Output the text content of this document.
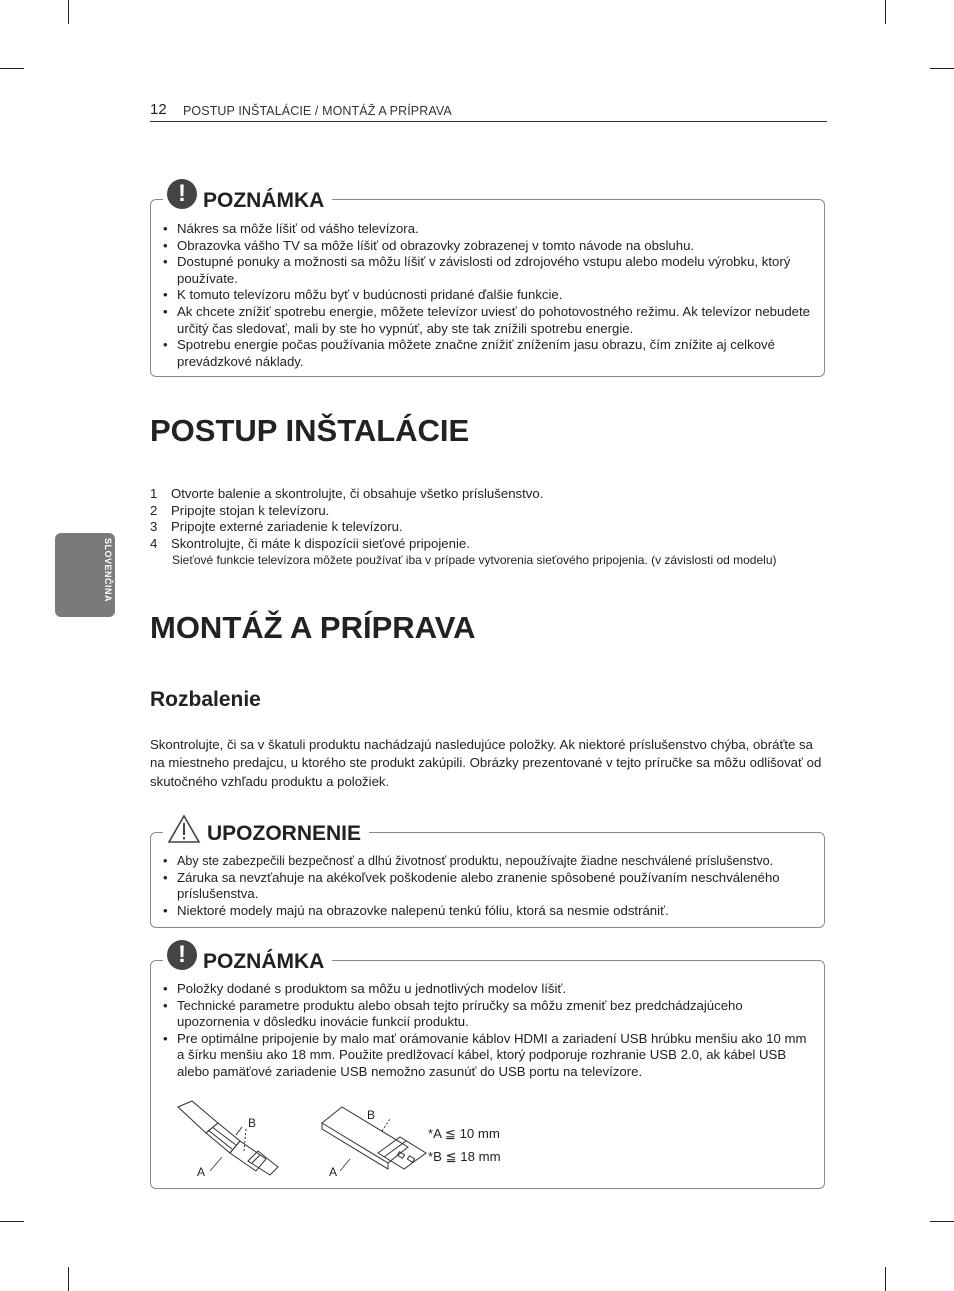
12 POSTUP INŠTALÁCIE / MONTÁŽ A PRÍPRAVA
SLOVENČINA
! POZNÁMKA
• Nákres sa môže líšiť od vášho televízora.
• Obrazovka vášho TV sa môže líšiť od obrazovky zobrazenej v tomto návode na obsluhu.
• Dostupné ponuky a možnosti sa môžu líšiť v závislosti od zdrojového vstupu alebo modelu výrobku, ktorý používate.
• K tomuto televízoru môžu byť v budúcnosti pridané ďalšie funkcie.
• Ak chcete znížiť spotrebu energie, môžete televízor uviesť do pohotovostného režimu. Ak televízor nebudete určitý čas sledovať, mali by ste ho vypnúť, aby ste tak znížili spotrebu energie.
• Spotrebu energie počas používania môžete značne znížiť znížením jasu obrazu, čím znížite aj celkové prevádzkové náklady.
POSTUP INŠTALÁCIE
1 Otvorte balenie a skontrolujte, či obsahuje všetko príslušenstvo.
2 Pripojte stojan k televízoru.
3 Pripojte externé zariadenie k televízoru.
4 Skontrolujte, či máte k dispozícii sieťové pripojenie.
Sieťové funkcie televízora môžete používať iba v prípade vytvorenia sieťového pripojenia. (v závislosti od modelu)
MONTÁŽ A PRÍPRAVA
Rozbalenie

Skontrolujte, či sa v škatuli produktu nachádzajú nasledujúce položky. Ak niektoré príslušenstvo chýba, obráťte sa na miestneho predajcu, u ktorého ste produkt zakúpili. Obrázky prezentované v tejto príručke sa môžu odlišovať od skutočného vzhľadu produktu a položiek.

UPOZORNENIE
• Aby ste zabezpečili bezpečnosť a dlhú životnosť produktu, nepoužívajte žiadne neschválené príslušenstvo.
• Záruka sa nevzťahuje na akékoľvek poškodenie alebo zranenie spôsobené používaním neschváleného príslušenstva.
• Niektoré modely majú na obrazovke nalepenú tenkú fóliu, ktorá sa nesmie odstrániť.
! POZNÁMKA
• Položky dodané s produktom sa môžu u jednotlivých modelov líšiť.
• Technické parametre produktu alebo obsah tejto príručky sa môžu zmeniť bez predchádzajúceho upozornenia v dôsledku inovácie funkcií produktu.
• Pre optimálne pripojenie by malo mať orámovanie káblov HDMI a zariadení USB hrúbku menšiu ako 10 mm a šírku menšiu ako 18 mm. Použite predlžovací kábel, ktorý podporuje rozhranie USB 2.0, ak kábel USB alebo pamäťové zariadenie USB nemožno zasunúť do USB portu na televízore.
B
A
B
A
*A ≦ 10 mm
*B ≦ 18 mm
